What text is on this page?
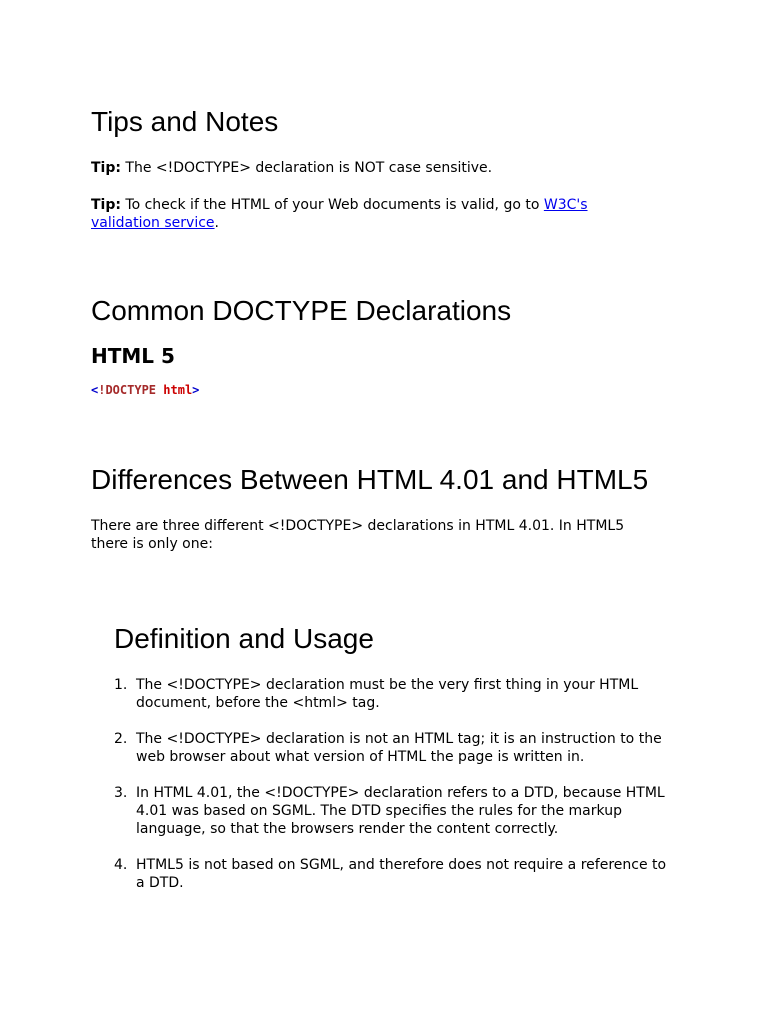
Tips and Notes

Tip: The <!DOCTYPE> declaration is NOT case sensitive.

Tip: To check if the HTML of your Web documents is valid, go to W3C's validation service.

Common DOCTYPE Declarations
HTML 5
<!DOCTYPE html>
Differences Between HTML 4.01 and HTML5

There are three different <!DOCTYPE> declarations in HTML 4.01. In HTML5 there is only one:

Definition and Usage
1. The <!DOCTYPE> declaration must be the very first thing in your HTML document, before the <html> tag.
2. The <!DOCTYPE> declaration is not an HTML tag; it is an instruction to the web browser about what version of HTML the page is written in.
3. In HTML 4.01, the <!DOCTYPE> declaration refers to a DTD, because HTML 4.01 was based on SGML. The DTD specifies the rules for the markup language, so that the browsers render the content correctly.
4. HTML5 is not based on SGML, and therefore does not require a reference to a DTD.
